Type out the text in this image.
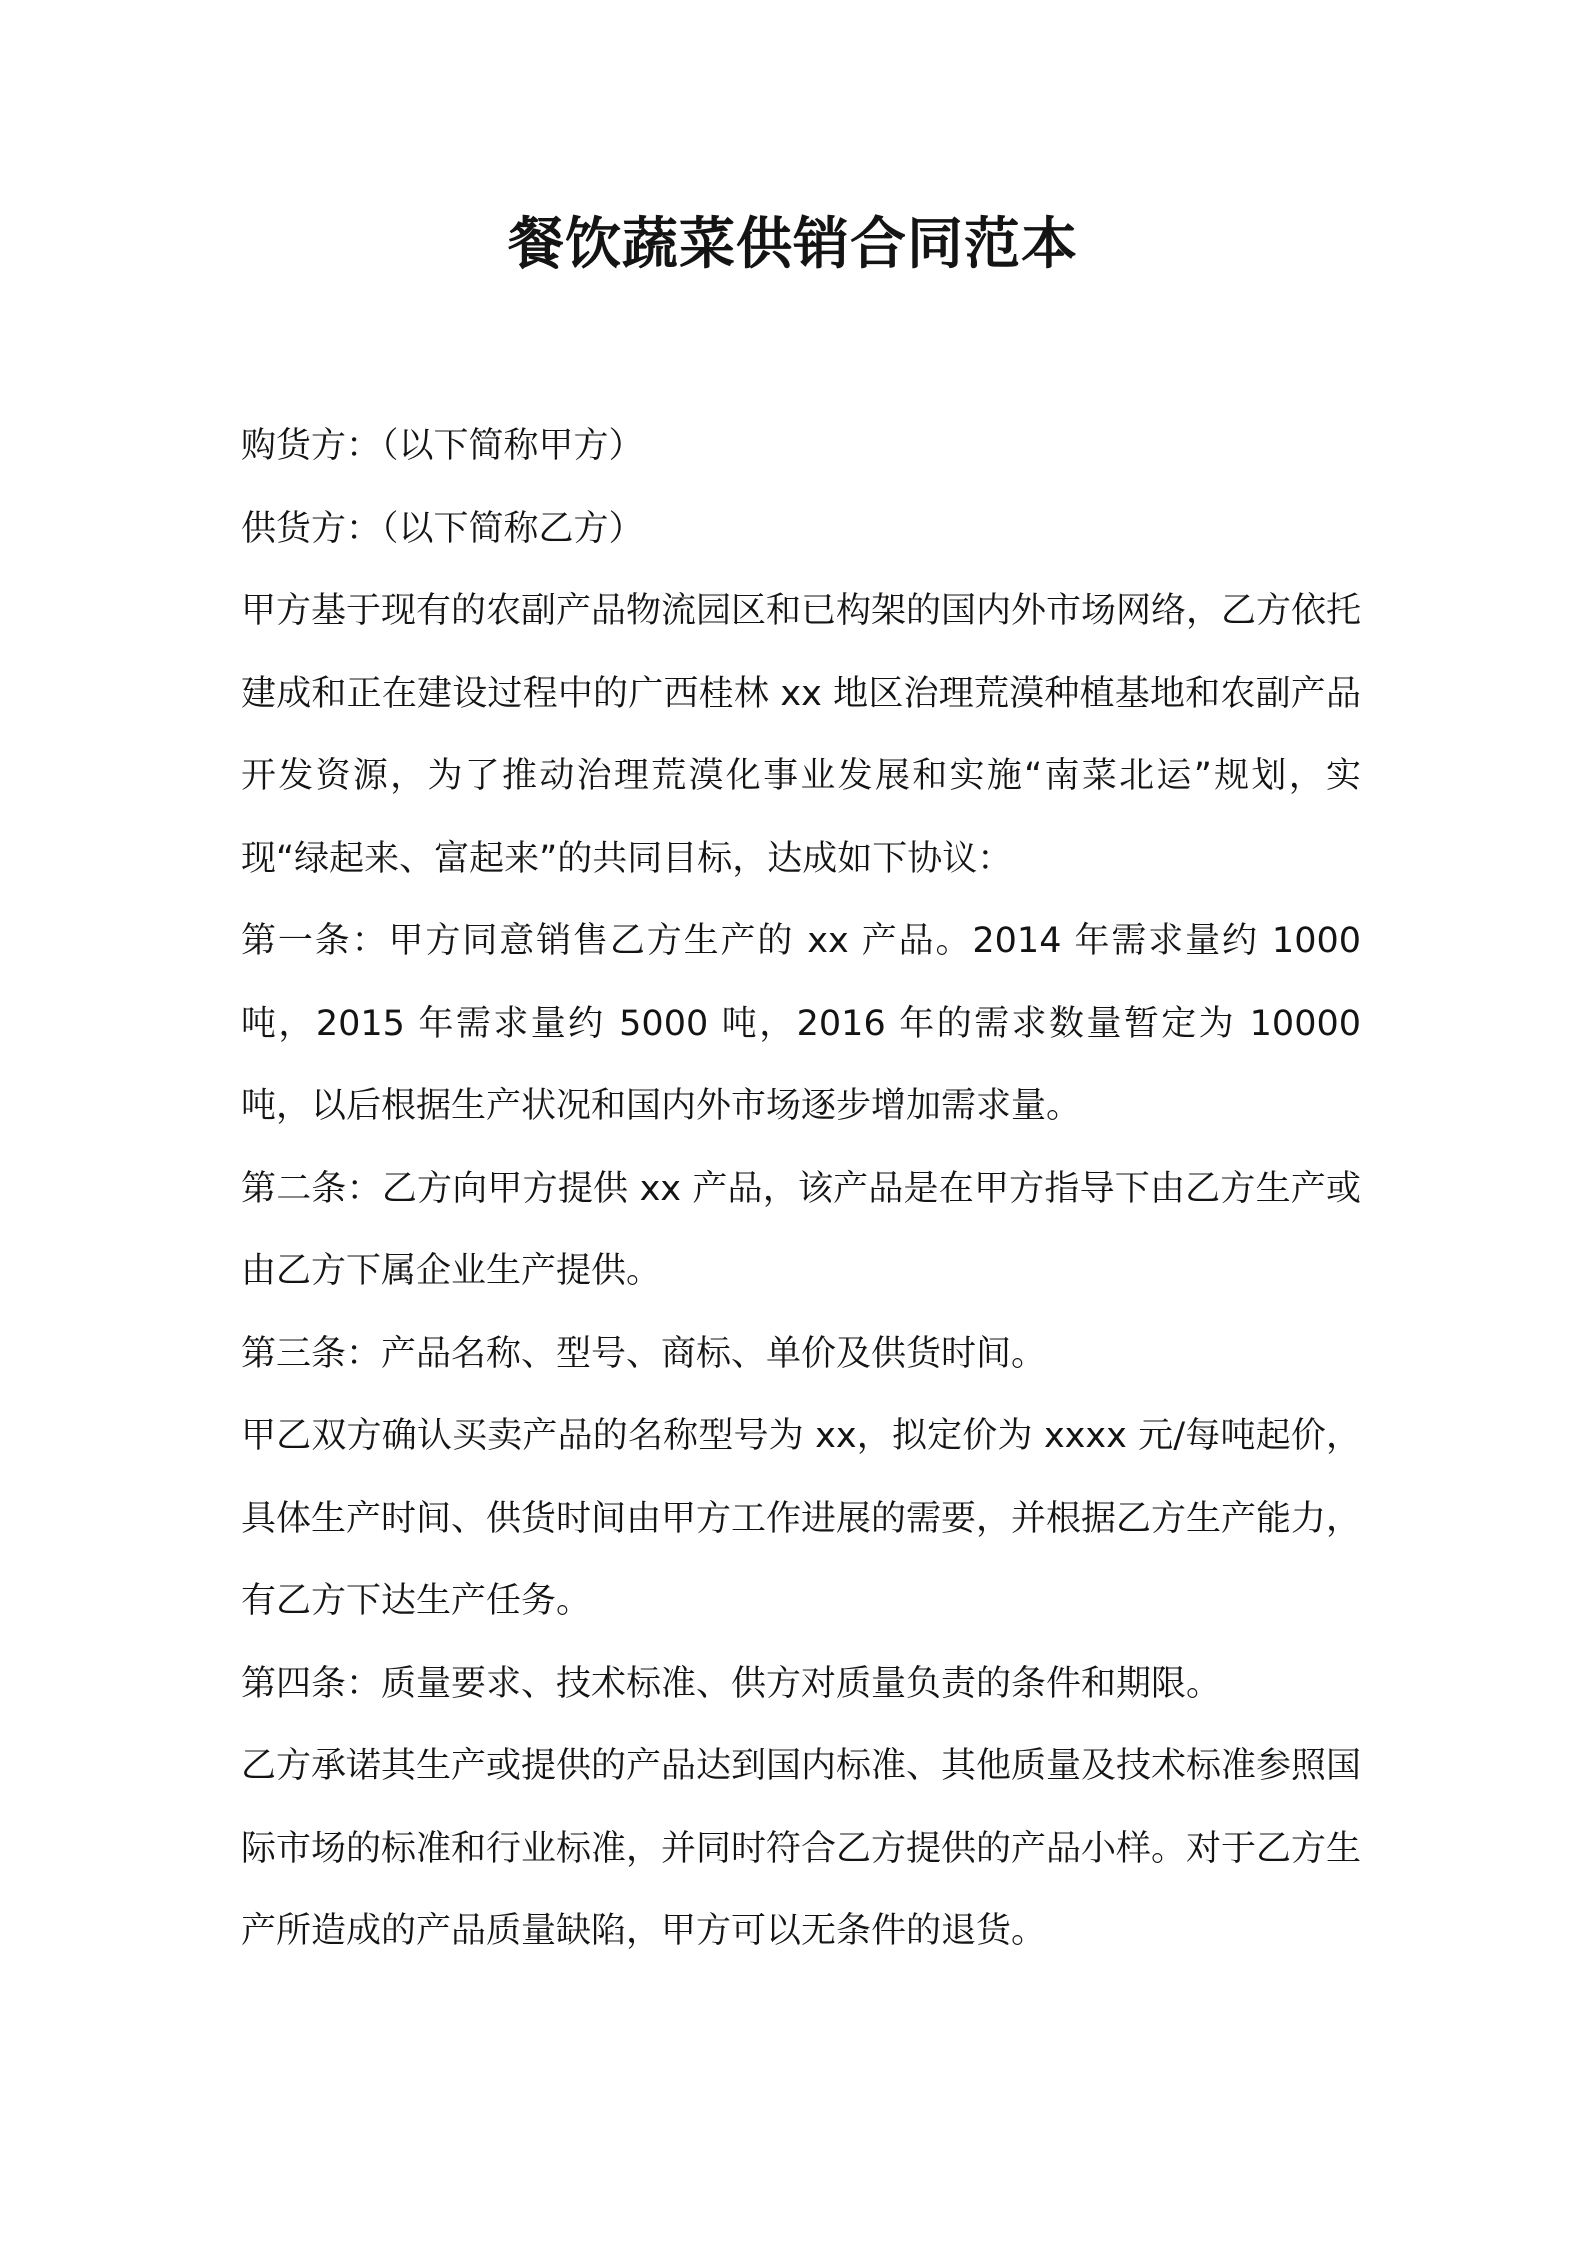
餐饮蔬菜供销合同范本

购货方：（以下简称甲方）

供货方：（以下简称乙方）

甲方基于现有的农副产品物流园区和已构架的国内外市场网络，乙方依托建成和正在建设过程中的广西桂林 xx 地区治理荒漠种植基地和农副产品开发资源，为了推动治理荒漠化事业发展和实施“南菜北运”规划，实现“绿起来、富起来”的共同目标，达成如下协议：

第一条：甲方同意销售乙方生产的 xx 产品。2014 年需求量约 1000 吨，2015 年需求量约 5000 吨，2016 年的需求数量暂定为 10000 吨，以后根据生产状况和国内外市场逐步增加需求量。

第二条：乙方向甲方提供 xx 产品，该产品是在甲方指导下由乙方生产或由乙方下属企业生产提供。

第三条：产品名称、型号、商标、单价及供货时间。

甲乙双方确认买卖产品的名称型号为 xx，拟定价为 xxxx 元/每吨起价，具体生产时间、供货时间由甲方工作进展的需要，并根据乙方生产能力，有乙方下达生产任务。

第四条：质量要求、技术标准、供方对质量负责的条件和期限。

乙方承诺其生产或提供的产品达到国内标准、其他质量及技术标准参照国际市场的标准和行业标准，并同时符合乙方提供的产品小样。对于乙方生产所造成的产品质量缺陷，甲方可以无条件的退货。
